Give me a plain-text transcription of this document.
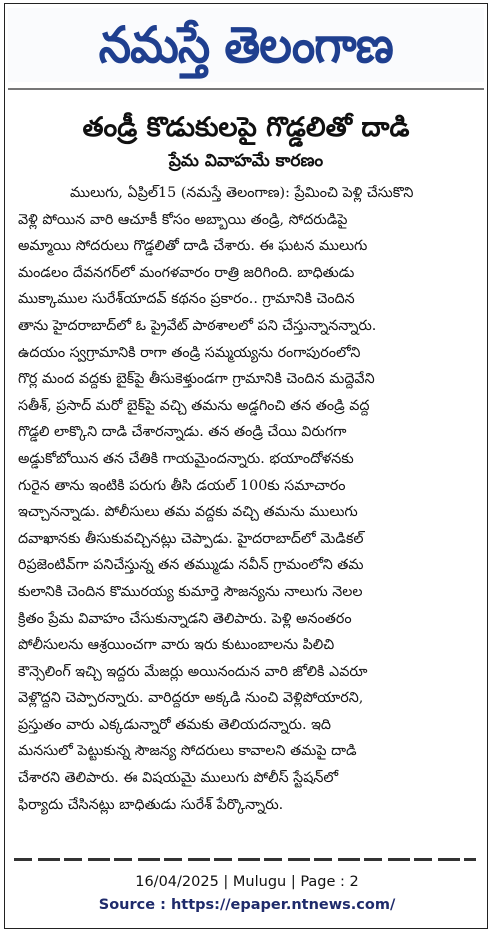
నమస్తే తెలంగాణ
తండ్రీ కొడుకులపై గొడ్డలితో దాడి
ప్రేమ వివాహమే కారణం
ములుగు, ఏప్రిల్15 (నమస్తే తెలంగాణ): ప్రేమించి పెళ్లి చేసుకొని
వెళ్లి పోయిన వారి ఆచూకీ కోసం అబ్బాయి తండ్రి, సోదరుడిపై
అమ్మాయి సోదరులు గొడ్డలితో దాడి చేశారు. ఈ ఘటన ములుగు
మండలం దేవనగర్‌లో మంగళవారం రాత్రి జరిగింది. బాధితుడు
ముక్కాముల సురేశ్‌యాదవ్ కథనం ప్రకారం.. గ్రామానికి చెందిన
తాను హైదరాబాద్‌లో ఓ ప్రైవేట్ పాఠశాలలో పని చేస్తున్నానన్నారు.
ఉదయం స్వగ్రామానికి రాగా తండ్రి సమ్మయ్యను రంగాపురంలోని
గొర్ల మంద వద్దకు బైక్‌పై తీసుకెళ్తుండగా గ్రామానికి చెందిన మద్దెవేని
సతీశ్, ప్రసాద్ మరో బైక్‌పై వచ్చి తమను అడ్డగించి తన తండ్రి వద్ద
గొడ్డలి లాక్కొని దాడి చేశారన్నాడు. తన తండ్రి చేయి విరుగగా
అడ్డుకోబోయిన తన చేతికి గాయమైందన్నారు. భయాందోళనకు
గురైన తాను ఇంటికి పరుగు తీసి డయల్ 100కు సమాచారం
ఇచ్చానన్నాడు. పోలీసులు తమ వద్దకు వచ్చి తమను ములుగు
దవాఖానకు తీసుకువచ్చినట్లు చెప్పాడు. హైదరాబాద్‌లో మెడికల్
రిప్రజెంటివ్‌గా పనిచేస్తున్న తన తమ్ముడు నవీన్ గ్రామంలోని తమ
కులానికి చెందిన కొమురయ్య కుమార్తె సౌజన్యను నాలుగు నెలల
క్రితం ప్రేమ వివాహం చేసుకున్నాడని తెలిపారు. పెళ్లి అనంతరం
పోలీసులను ఆశ్రయించగా వారు ఇరు కుటుంబాలను పిలిచి
కౌన్సెలింగ్ ఇచ్చి ఇద్దరు మేజర్లు అయినందున వారి జోలికి ఎవరూ
వెళ్లొద్దని చెప్పారన్నారు. వారిద్దరూ అక్కడి నుంచి వెళ్లిపోయారని,
ప్రస్తుతం వారు ఎక్కడున్నారో తమకు తెలియదన్నారు. ఇది
మనసులో పెట్టుకున్న సౌజన్య సోదరులు కావాలని తమపై దాడి
చేశారని తెలిపారు. ఈ విషయమై ములుగు పోలీస్ స్టేషన్‌లో
ఫిర్యాదు చేసినట్లు బాధితుడు సురేశ్ పేర్కొన్నారు.
16/04/2025 | Mulugu | Page : 2
Source : https://epaper.ntnews.com/
